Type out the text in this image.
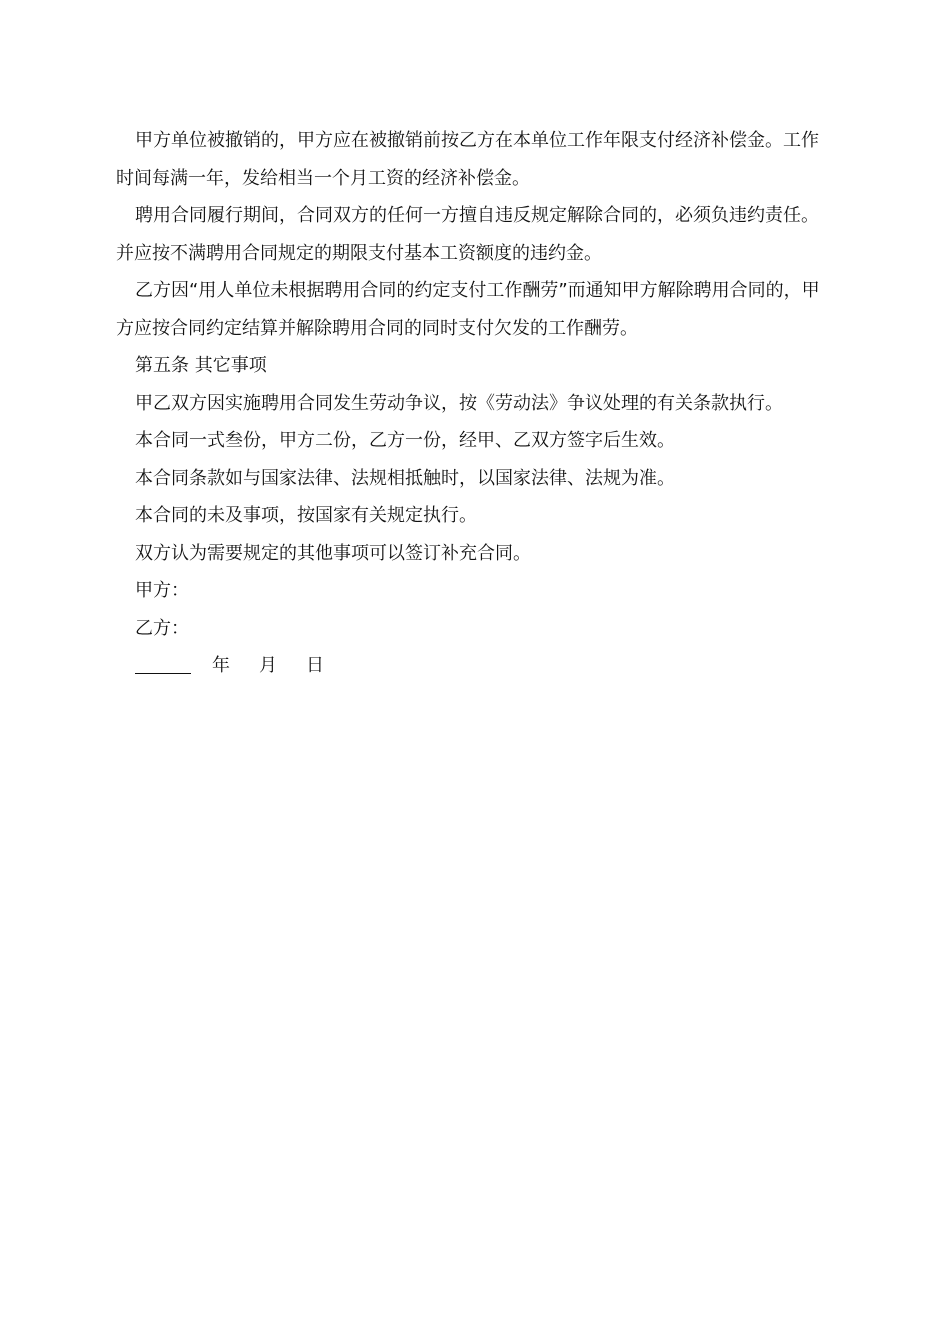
甲方单位被撤销的，甲方应在被撤销前按乙方在本单位工作年限支付经济补偿金。工作时间每满一年，发给相当一个月工资的经济补偿金。

聘用合同履行期间，合同双方的任何一方擅自违反规定解除合同的，必须负违约责任。并应按不满聘用合同规定的期限支付基本工资额度的违约金。

乙方因“用人单位未根据聘用合同的约定支付工作酬劳”而通知甲方解除聘用合同的，甲方应按合同约定结算并解除聘用合同的同时支付欠发的工作酬劳。

第五条 其它事项

甲乙双方因实施聘用合同发生劳动争议，按《劳动法》争议处理的有关条款执行。

本合同一式叁份，甲方二份，乙方一份，经甲、乙双方签字后生效。

本合同条款如与国家法律、法规相抵触时，以国家法律、法规为准。

本合同的未及事项，按国家有关规定执行。

双方认为需要规定的其他事项可以签订补充合同。

甲方：

乙方：

年 月 日
